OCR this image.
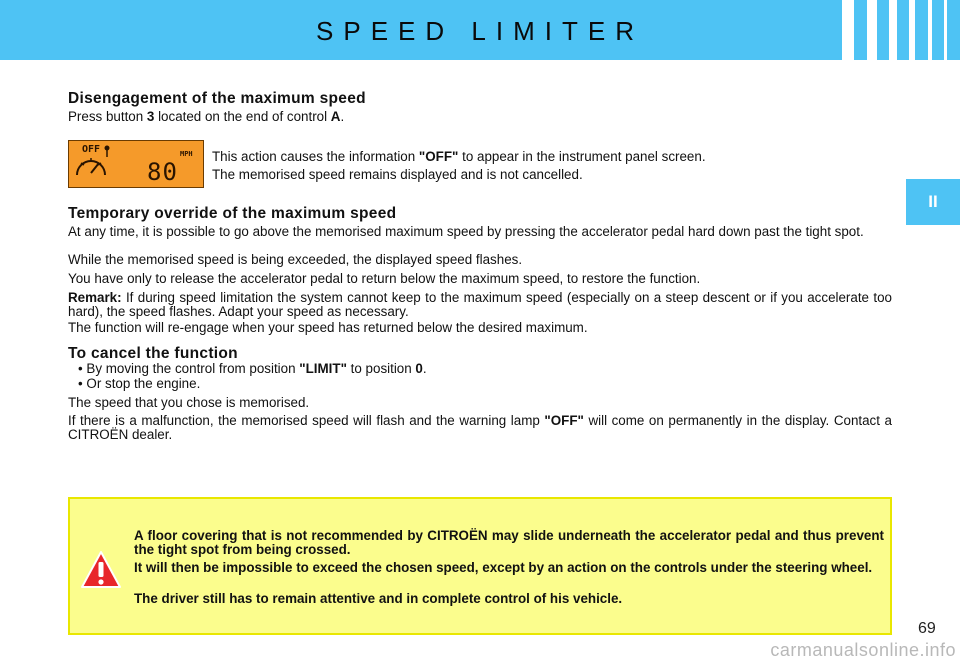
SPEED LIMITER
II
Disengagement of the maximum speed
Press button 3 located on the end of control A.
OFF	MPH
80
This action causes the information "OFF" to appear in the instrument panel screen.
The memorised speed remains displayed and is not cancelled.
Temporary override of the maximum speed
At any time, it is possible to go above the memorised maximum speed by pressing the accelerator pedal hard down past the tight spot.
While the memorised speed is being exceeded, the displayed speed flashes.
You have only to release the accelerator pedal to return below the maximum speed, to restore the function.
Remark: If during speed limitation the system cannot keep to the maximum speed (especially on a steep descent or if you accelerate too hard), the speed flashes. Adapt your speed as necessary.
The function will re-engage when your speed has returned below the desired maximum.
To cancel the function
• By moving the control from position "LIMIT" to position 0.
• Or stop the engine.
The speed that you chose is memorised.
If there is a malfunction, the memorised speed will flash and the warning lamp "OFF" will come on permanently in the display. Contact a CITROËN dealer.
A floor covering that is not recommended by CITROËN may slide underneath the accelerator pedal and thus prevent the tight spot from being crossed.
It will then be impossible to exceed the chosen speed, except by an action on the controls under the steering wheel.
The driver still has to remain attentive and in complete control of his vehicle.
69
carmanualsonline.info
